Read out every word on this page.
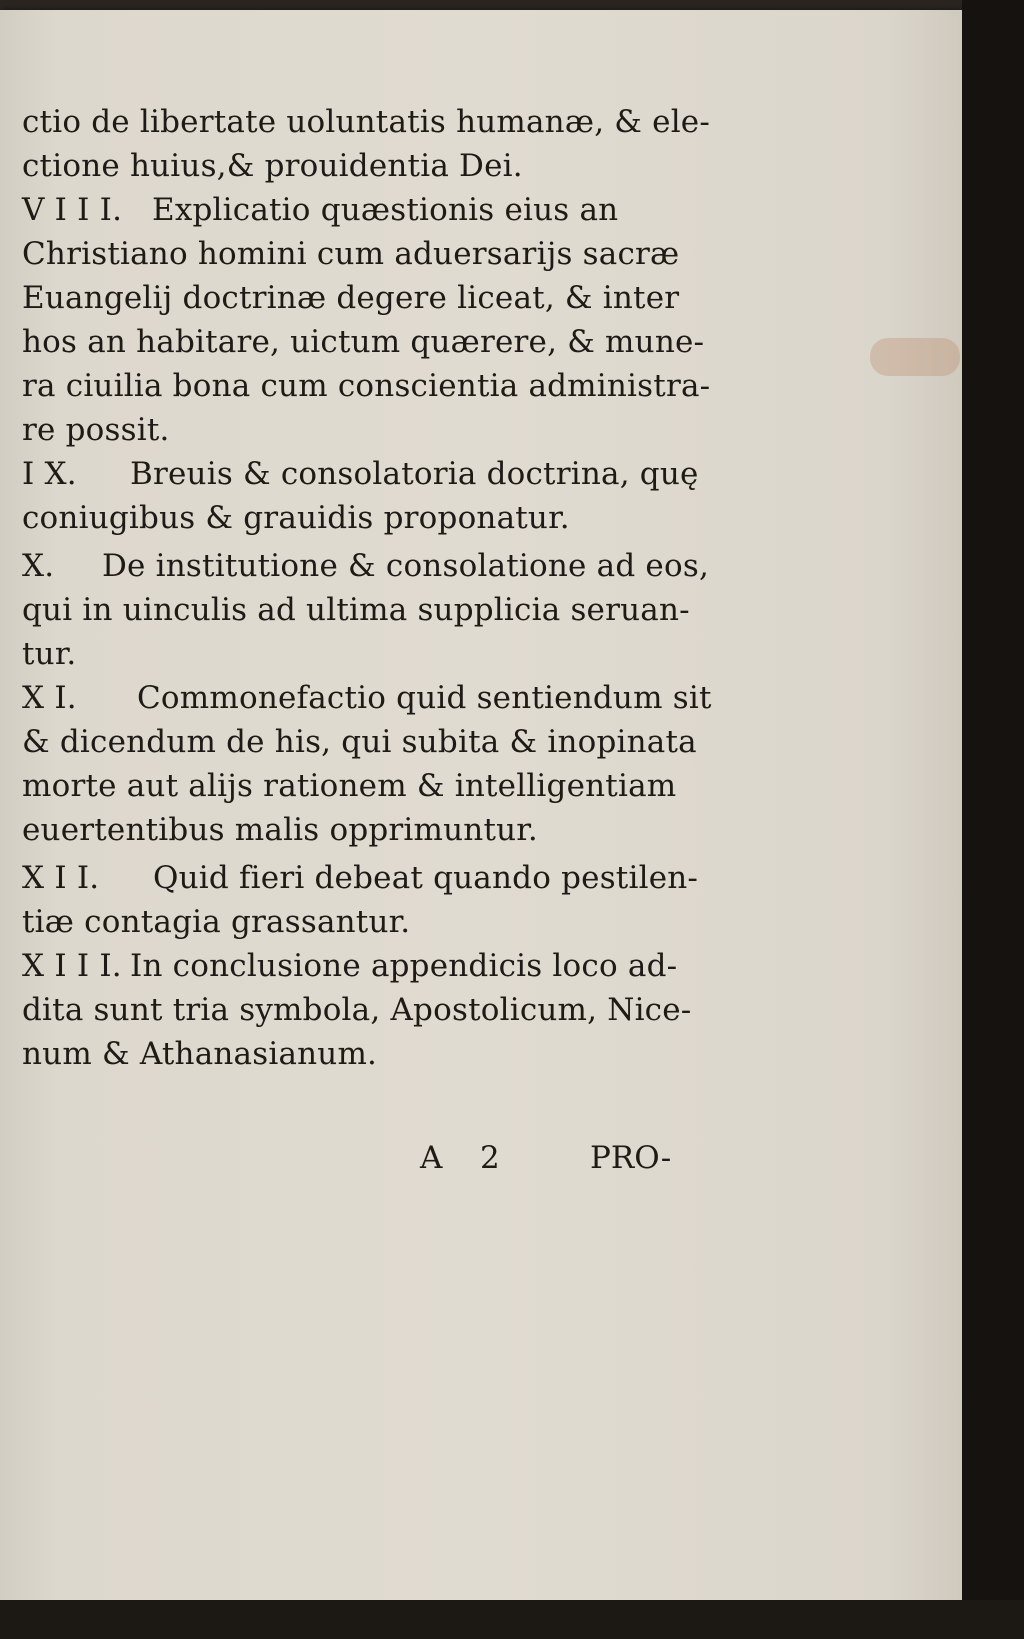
ctio de libertate uoluntatis humanæ, & ele-
ctione huius,& prouidentia Dei.
V I I I. Explicatio quæstionis eius an
Christiano homini cum aduersarijs sacræ
Euangelij doctrinæ degere liceat, & inter
hos an habitare, uictum quærere, & mune-
ra ciuilia bona cum conscientia administra-
re possit.
I X. Breuis & consolatoria doctrina, quę
coniugibus & grauidis proponatur.
X. De institutione & consolatione ad eos,
qui in uinculis ad ultima supplicia seruan-
tur.
X I. Commonefactio quid sentiendum sit
& dicendum de his, qui subita & inopinata
morte aut alijs rationem & intelligentiam
euertentibus malis opprimuntur.
X I I. Quid fieri debeat quando pestilen-
tiæ contagia grassantur.
X I I I. In conclusione appendicis loco ad-
dita sunt tria symbola, Apostolicum, Nice-
num & Athanasianum.
A 2	PRO-
